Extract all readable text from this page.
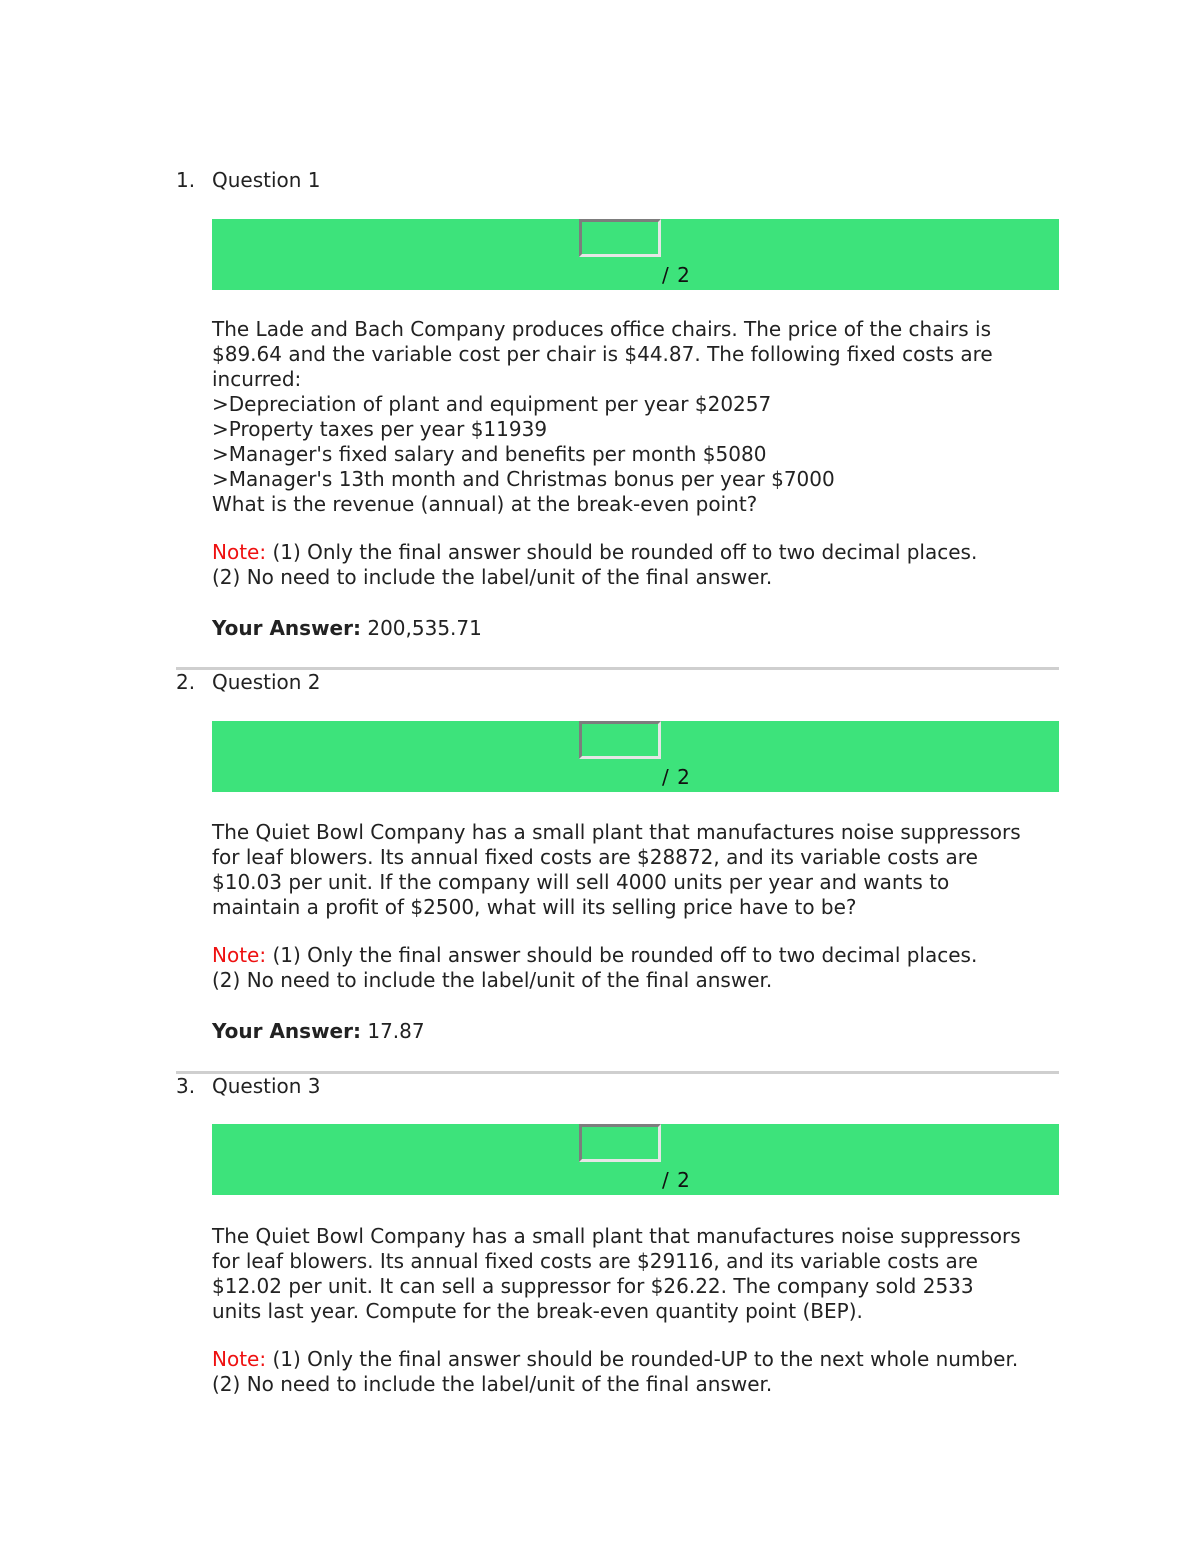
1. Question 1
/ 2

The Lade and Bach Company produces office chairs. The price of the chairs is

$89.64 and the variable cost per chair is $44.87. The following fixed costs are

incurred:

>Depreciation of plant and equipment per year $20257

>Property taxes per year $11939

>Manager's fixed salary and benefits per month $5080

>Manager's 13th month and Christmas bonus per year $7000

What is the revenue (annual) at the break-even point?

Note: (1) Only the final answer should be rounded off to two decimal places.

(2) No need to include the label/unit of the final answer.

Your Answer: 200,535.71

2. Question 2
/ 2

The Quiet Bowl Company has a small plant that manufactures noise suppressors

for leaf blowers. Its annual fixed costs are $28872, and its variable costs are

$10.03 per unit. If the company will sell 4000 units per year and wants to

maintain a profit of $2500, what will its selling price have to be?

Note: (1) Only the final answer should be rounded off to two decimal places.

(2) No need to include the label/unit of the final answer.

Your Answer: 17.87

3. Question 3
/ 2

The Quiet Bowl Company has a small plant that manufactures noise suppressors

for leaf blowers. Its annual fixed costs are $29116, and its variable costs are

$12.02 per unit. It can sell a suppressor for $26.22. The company sold 2533

units last year. Compute for the break-even quantity point (BEP).

Note: (1) Only the final answer should be rounded-UP to the next whole number.

(2) No need to include the label/unit of the final answer.
